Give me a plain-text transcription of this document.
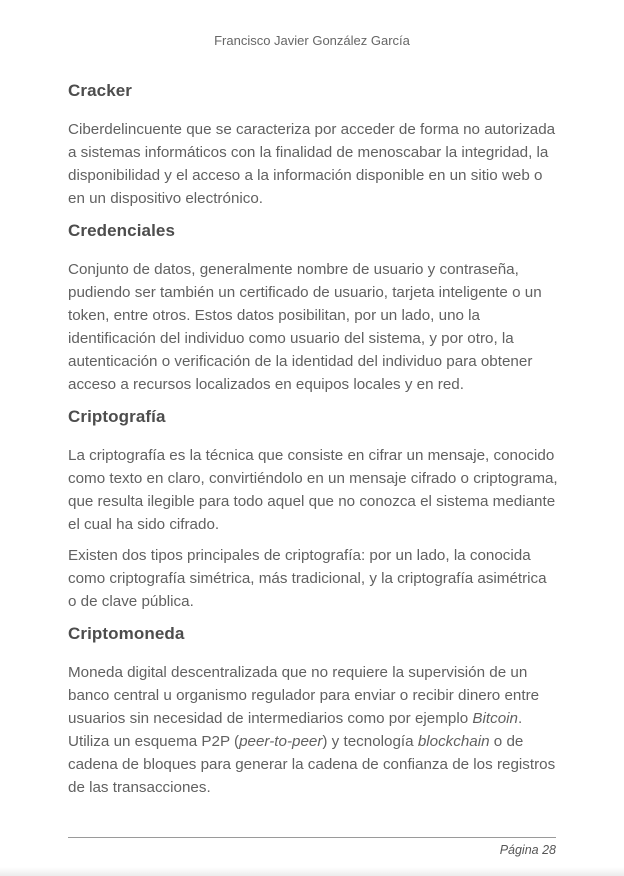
Francisco Javier González García
Cracker
Ciberdelincuente que se caracteriza por acceder de forma no autorizada
a sistemas informáticos con la finalidad de menoscabar la integridad, la
disponibilidad y el acceso a la información disponible en un sitio web o
en un dispositivo electrónico.
Credenciales
Conjunto de datos, generalmente nombre de usuario y contraseña,
pudiendo ser también un certificado de usuario, tarjeta inteligente o un
token, entre otros. Estos datos posibilitan, por un lado, uno la
identificación del individuo como usuario del sistema, y por otro, la
autenticación o verificación de la identidad del individuo para obtener
acceso a recursos localizados en equipos locales y en red.
Criptografía
La criptografía es la técnica que consiste en cifrar un mensaje, conocido
como texto en claro, convirtiéndolo en un mensaje cifrado o criptograma,
que resulta ilegible para todo aquel que no conozca el sistema mediante
el cual ha sido cifrado.
Existen dos tipos principales de criptografía: por un lado, la conocida
como criptografía simétrica, más tradicional, y la criptografía asimétrica
o de clave pública.
Criptomoneda
Moneda digital descentralizada que no requiere la supervisión de un
banco central u organismo regulador para enviar o recibir dinero entre
usuarios sin necesidad de intermediarios como por ejemplo Bitcoin.
Utiliza un esquema P2P (peer-to-peer) y tecnología blockchain o de
cadena de bloques para generar la cadena de confianza de los registros
de las transacciones.
Página 28
